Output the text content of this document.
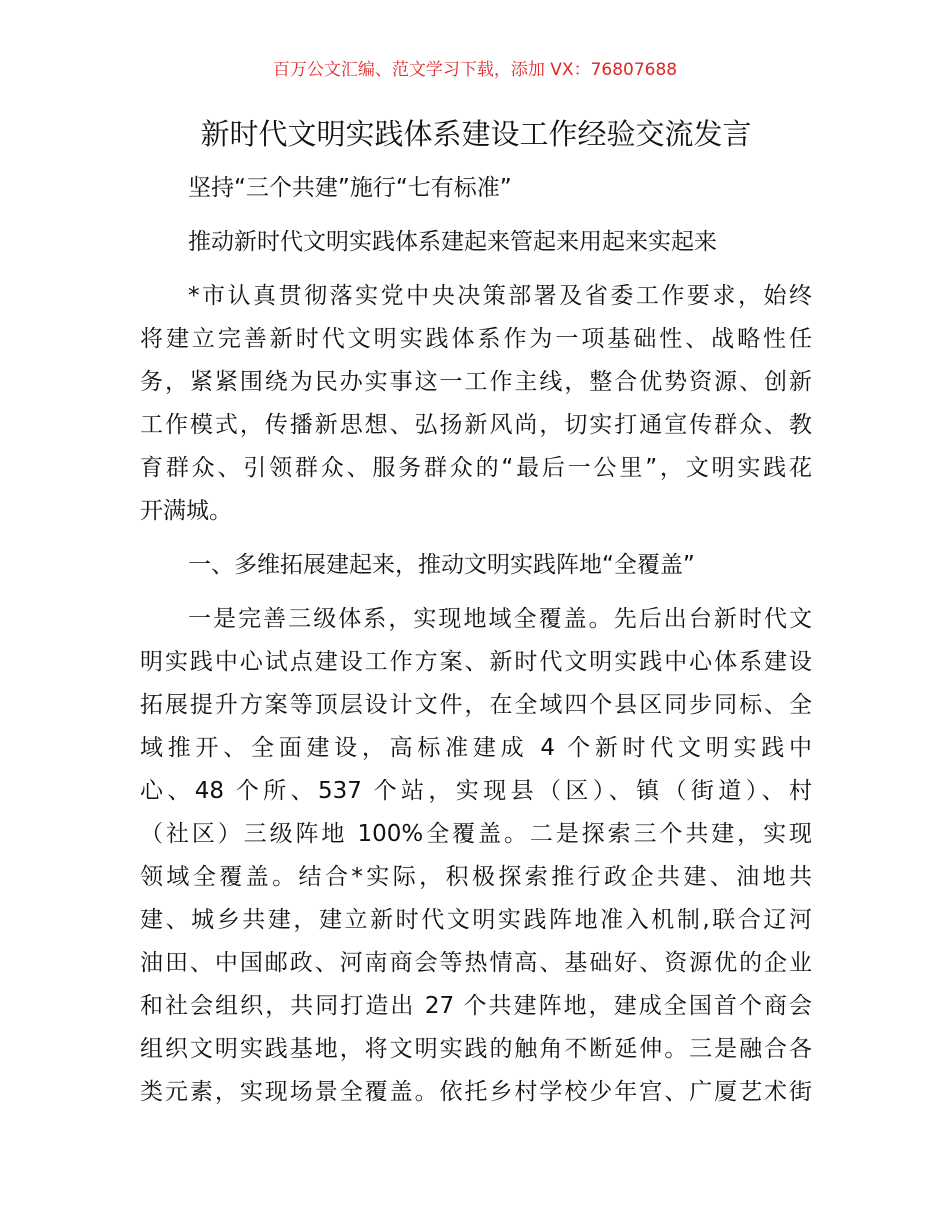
百万公文汇编、范文学习下载，添加 VX：76807688
新时代文明实践体系建设工作经验交流发言
坚持“三个共建”施行“七有标准”
推动新时代文明实践体系建起来管起来用起来实起来
*市认真贯彻落实党中央决策部署及省委工作要求，始终
将建立完善新时代文明实践体系作为一项基础性、战略性任
务，紧紧围绕为民办实事这一工作主线，整合优势资源、创新
工作模式，传播新思想、弘扬新风尚，切实打通宣传群众、教
育群众、引领群众、服务群众的“最后一公里”，文明实践花
开满城。
一、多维拓展建起来，推动文明实践阵地“全覆盖”
一是完善三级体系，实现地域全覆盖。先后出台新时代文
明实践中心试点建设工作方案、新时代文明实践中心体系建设
拓展提升方案等顶层设计文件，在全域四个县区同步同标、全
域推开、全面建设，高标准建成 4 个新时代文明实践中
心、48 个所、537 个站，实现县（区）、镇（街道）、村
（社区）三级阵地 100%全覆盖。二是探索三个共建，实现
领域全覆盖。结合*实际，积极探索推行政企共建、油地共
建、城乡共建，建立新时代文明实践阵地准入机制,联合辽河
油田、中国邮政、河南商会等热情高、基础好、资源优的企业
和社会组织，共同打造出 27 个共建阵地，建成全国首个商会
组织文明实践基地，将文明实践的触角不断延伸。三是融合各
类元素，实现场景全覆盖。依托乡村学校少年宫、广厦艺术街
